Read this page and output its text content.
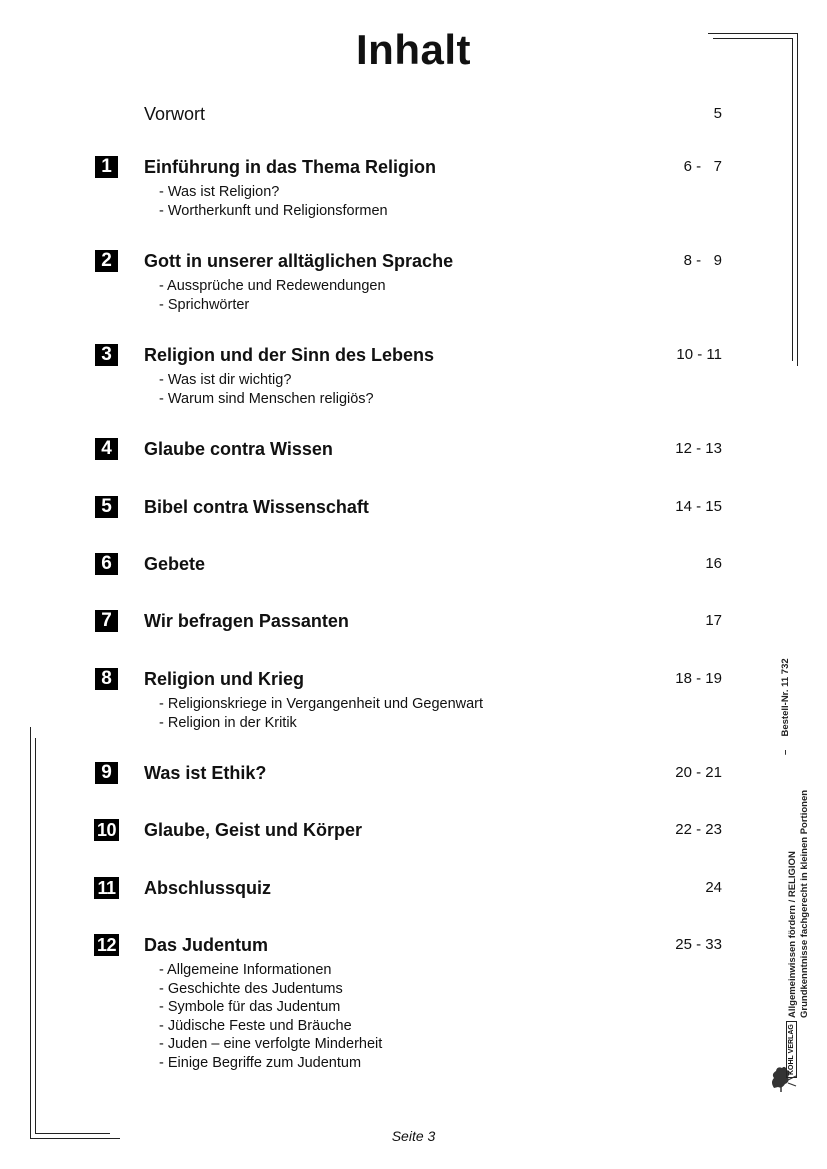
Inhalt
Vorwort	5
1	Einführung in das Thema Religion	6 -   7
- Was ist Religion?
- Wortherkunft und Religionsformen
2	Gott in unserer alltäglichen Sprache	8 -   9
- Aussprüche und Redewendungen
- Sprichwörter
3	Religion und der Sinn des Lebens	10 - 11
- Was ist dir wichtig?
- Warum sind Menschen religiös?
4	Glaube contra Wissen	12 - 13
5	Bibel contra Wissenschaft	14 - 15
6	Gebete	16
7	Wir befragen Passanten	17
8	Religion und Krieg	18 - 19
- Religionskriege in Vergangenheit und Gegenwart
- Religion in der Kritik
9	Was ist Ethik?	20 - 21
10 Glaube, Geist und Körper	22 - 23
11 Abschlussquiz	24
12 Das Judentum	25 - 33
- Allgemeine Informationen
- Geschichte des Judentums
- Symbole für das Judentum
- Jüdische Feste und Bräuche
- Juden – eine verfolgte Minderheit
- Einige Begriffe zum Judentum
Allgemeinwissen fördern / RELIGION Grundkenntnisse fachgerecht in kleinen Portionen
–     Bestell-Nr. 11 732
KOHL VERLAG
Seite 3
